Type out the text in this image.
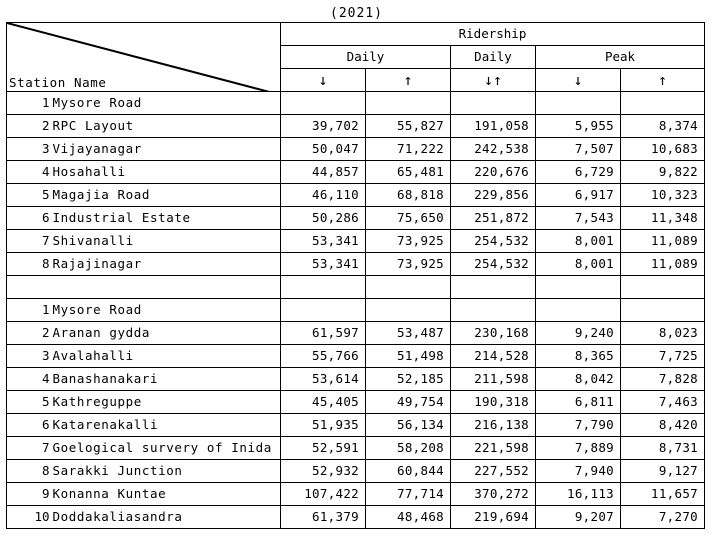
(2021)
Station Name		Ridership				
		Daily		Daily	Peak	
		↓	↑	↓↑	↓	↑
1	Mysore Road					
2	RPC Layout	39,702	55,827	191,058	5,955	8,374
3	Vijayanagar	50,047	71,222	242,538	7,507	10,683
4	Hosahalli	44,857	65,481	220,676	6,729	9,822
5	Magajia Road	46,110	68,818	229,856	6,917	10,323
6	Industrial Estate	50,286	75,650	251,872	7,543	11,348
7	Shivanalli	53,341	73,925	254,532	8,001	11,089
8	Rajajinagar	53,341	73,925	254,532	8,001	11,089

1	Mysore Road					
2	Aranan gydda	61,597	53,487	230,168	9,240	8,023
3	Avalahalli	55,766	51,498	214,528	8,365	7,725
4	Banashanakari	53,614	52,185	211,598	8,042	7,828
5	Kathreguppe	45,405	49,754	190,318	6,811	7,463
6	Katarenakalli	51,935	56,134	216,138	7,790	8,420
7	Goelogical survery of Inida	52,591	58,208	221,598	7,889	8,731
8	Sarakki Junction	52,932	60,844	227,552	7,940	9,127
9	Konanna Kuntae	107,422	77,714	370,272	16,113	11,657
10	Doddakaliasandra	61,379	48,468	219,694	9,207	7,270
